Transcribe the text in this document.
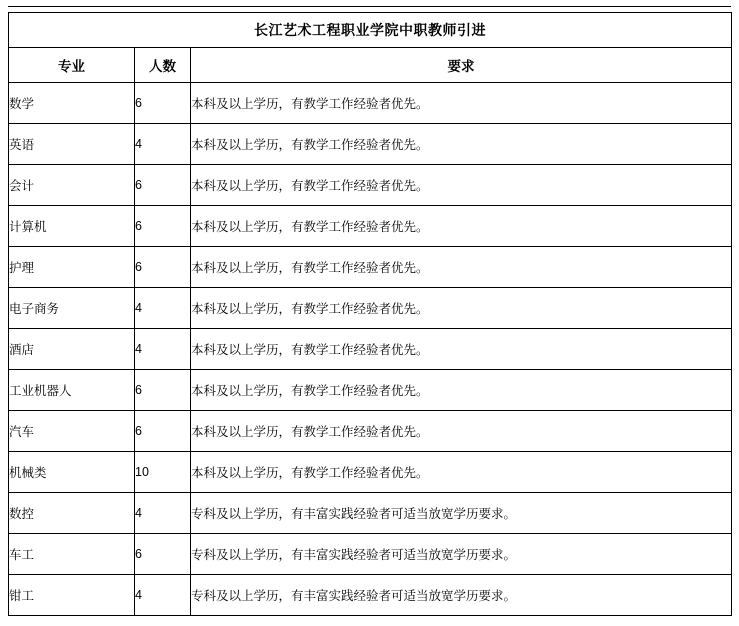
长江艺术工程职业学院中职教师引进		
专业	人数	要求
数学	6	本科及以上学历，有教学工作经验者优先。
英语	4	本科及以上学历，有教学工作经验者优先。
会计	6	本科及以上学历，有教学工作经验者优先。
计算机	6	本科及以上学历，有教学工作经验者优先。
护理	6	本科及以上学历，有教学工作经验者优先。
电子商务	4	本科及以上学历，有教学工作经验者优先。
酒店	4	本科及以上学历，有教学工作经验者优先。
工业机器人	6	本科及以上学历，有教学工作经验者优先。
汽车	6	本科及以上学历，有教学工作经验者优先。
机械类	10	本科及以上学历，有教学工作经验者优先。
数控	4	专科及以上学历，有丰富实践经验者可适当放宽学历要求。
车工	6	专科及以上学历，有丰富实践经验者可适当放宽学历要求。
钳工	4	专科及以上学历，有丰富实践经验者可适当放宽学历要求。
